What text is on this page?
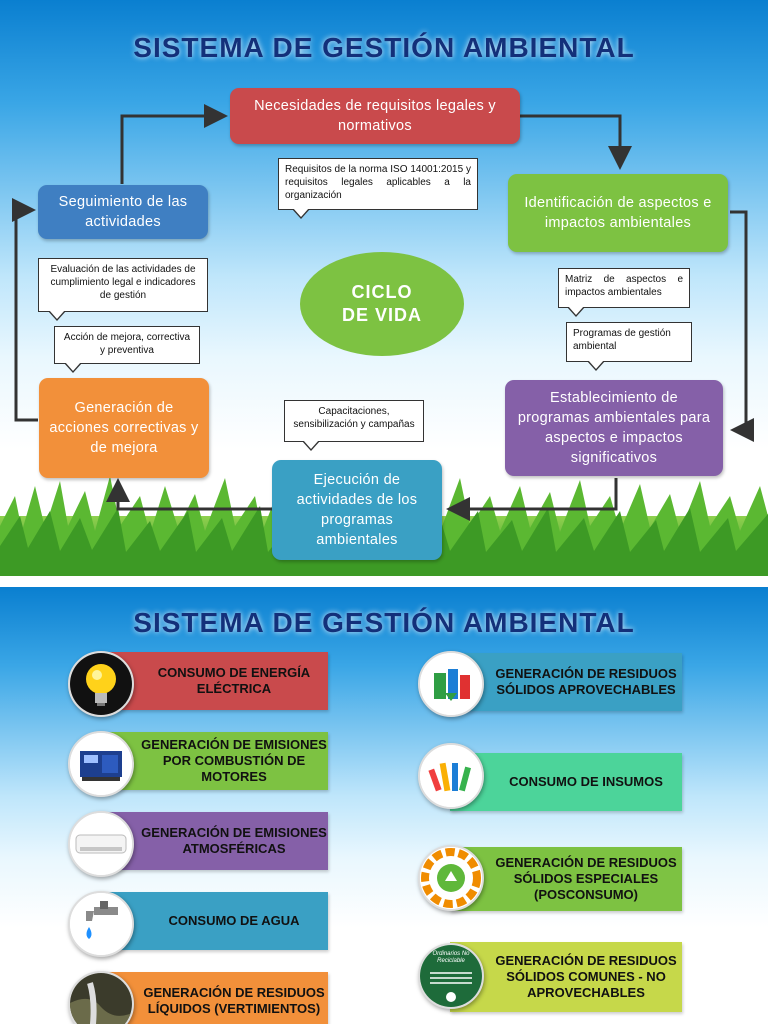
SISTEMA DE GESTIÓN AMBIENTAL
Necesidades de requisitos legales y normativos
Identificación de aspectos e impactos ambientales
Establecimiento de programas ambientales para aspectos e impactos significativos
Ejecución de actividades de los programas ambientales
Generación de acciones correctivas y de mejora
Seguimiento de las actividades
CICLO DE VIDA
Requisitos de la norma ISO 14001:2015 y requisitos legales aplicables a la organización
Matriz de aspectos e impactos ambientales
Programas de gestión ambiental
Capacitaciones, sensibilización y campañas
Evaluación de las actividades de cumplimiento legal e indicadores de gestión
Acción de mejora, correctiva y preventiva
SISTEMA DE GESTIÓN AMBIENTAL
CONSUMO DE ENERGÍA ELÉCTRICA
GENERACIÓN DE EMISIONES POR COMBUSTIÓN DE MOTORES
GENERACIÓN DE EMISIONES ATMOSFÉRICAS
CONSUMO DE AGUA
GENERACIÓN DE RESIDUOS LÍQUIDOS (VERTIMIENTOS)
GENERACIÓN DE RESIDUOS SÓLIDOS APROVECHABLES
CONSUMO DE INSUMOS
GENERACIÓN DE RESIDUOS SÓLIDOS ESPECIALES (POSCONSUMO)
GENERACIÓN DE RESIDUOS SÓLIDOS COMUNES - NO APROVECHABLES
Ordinarios No Reciclable
